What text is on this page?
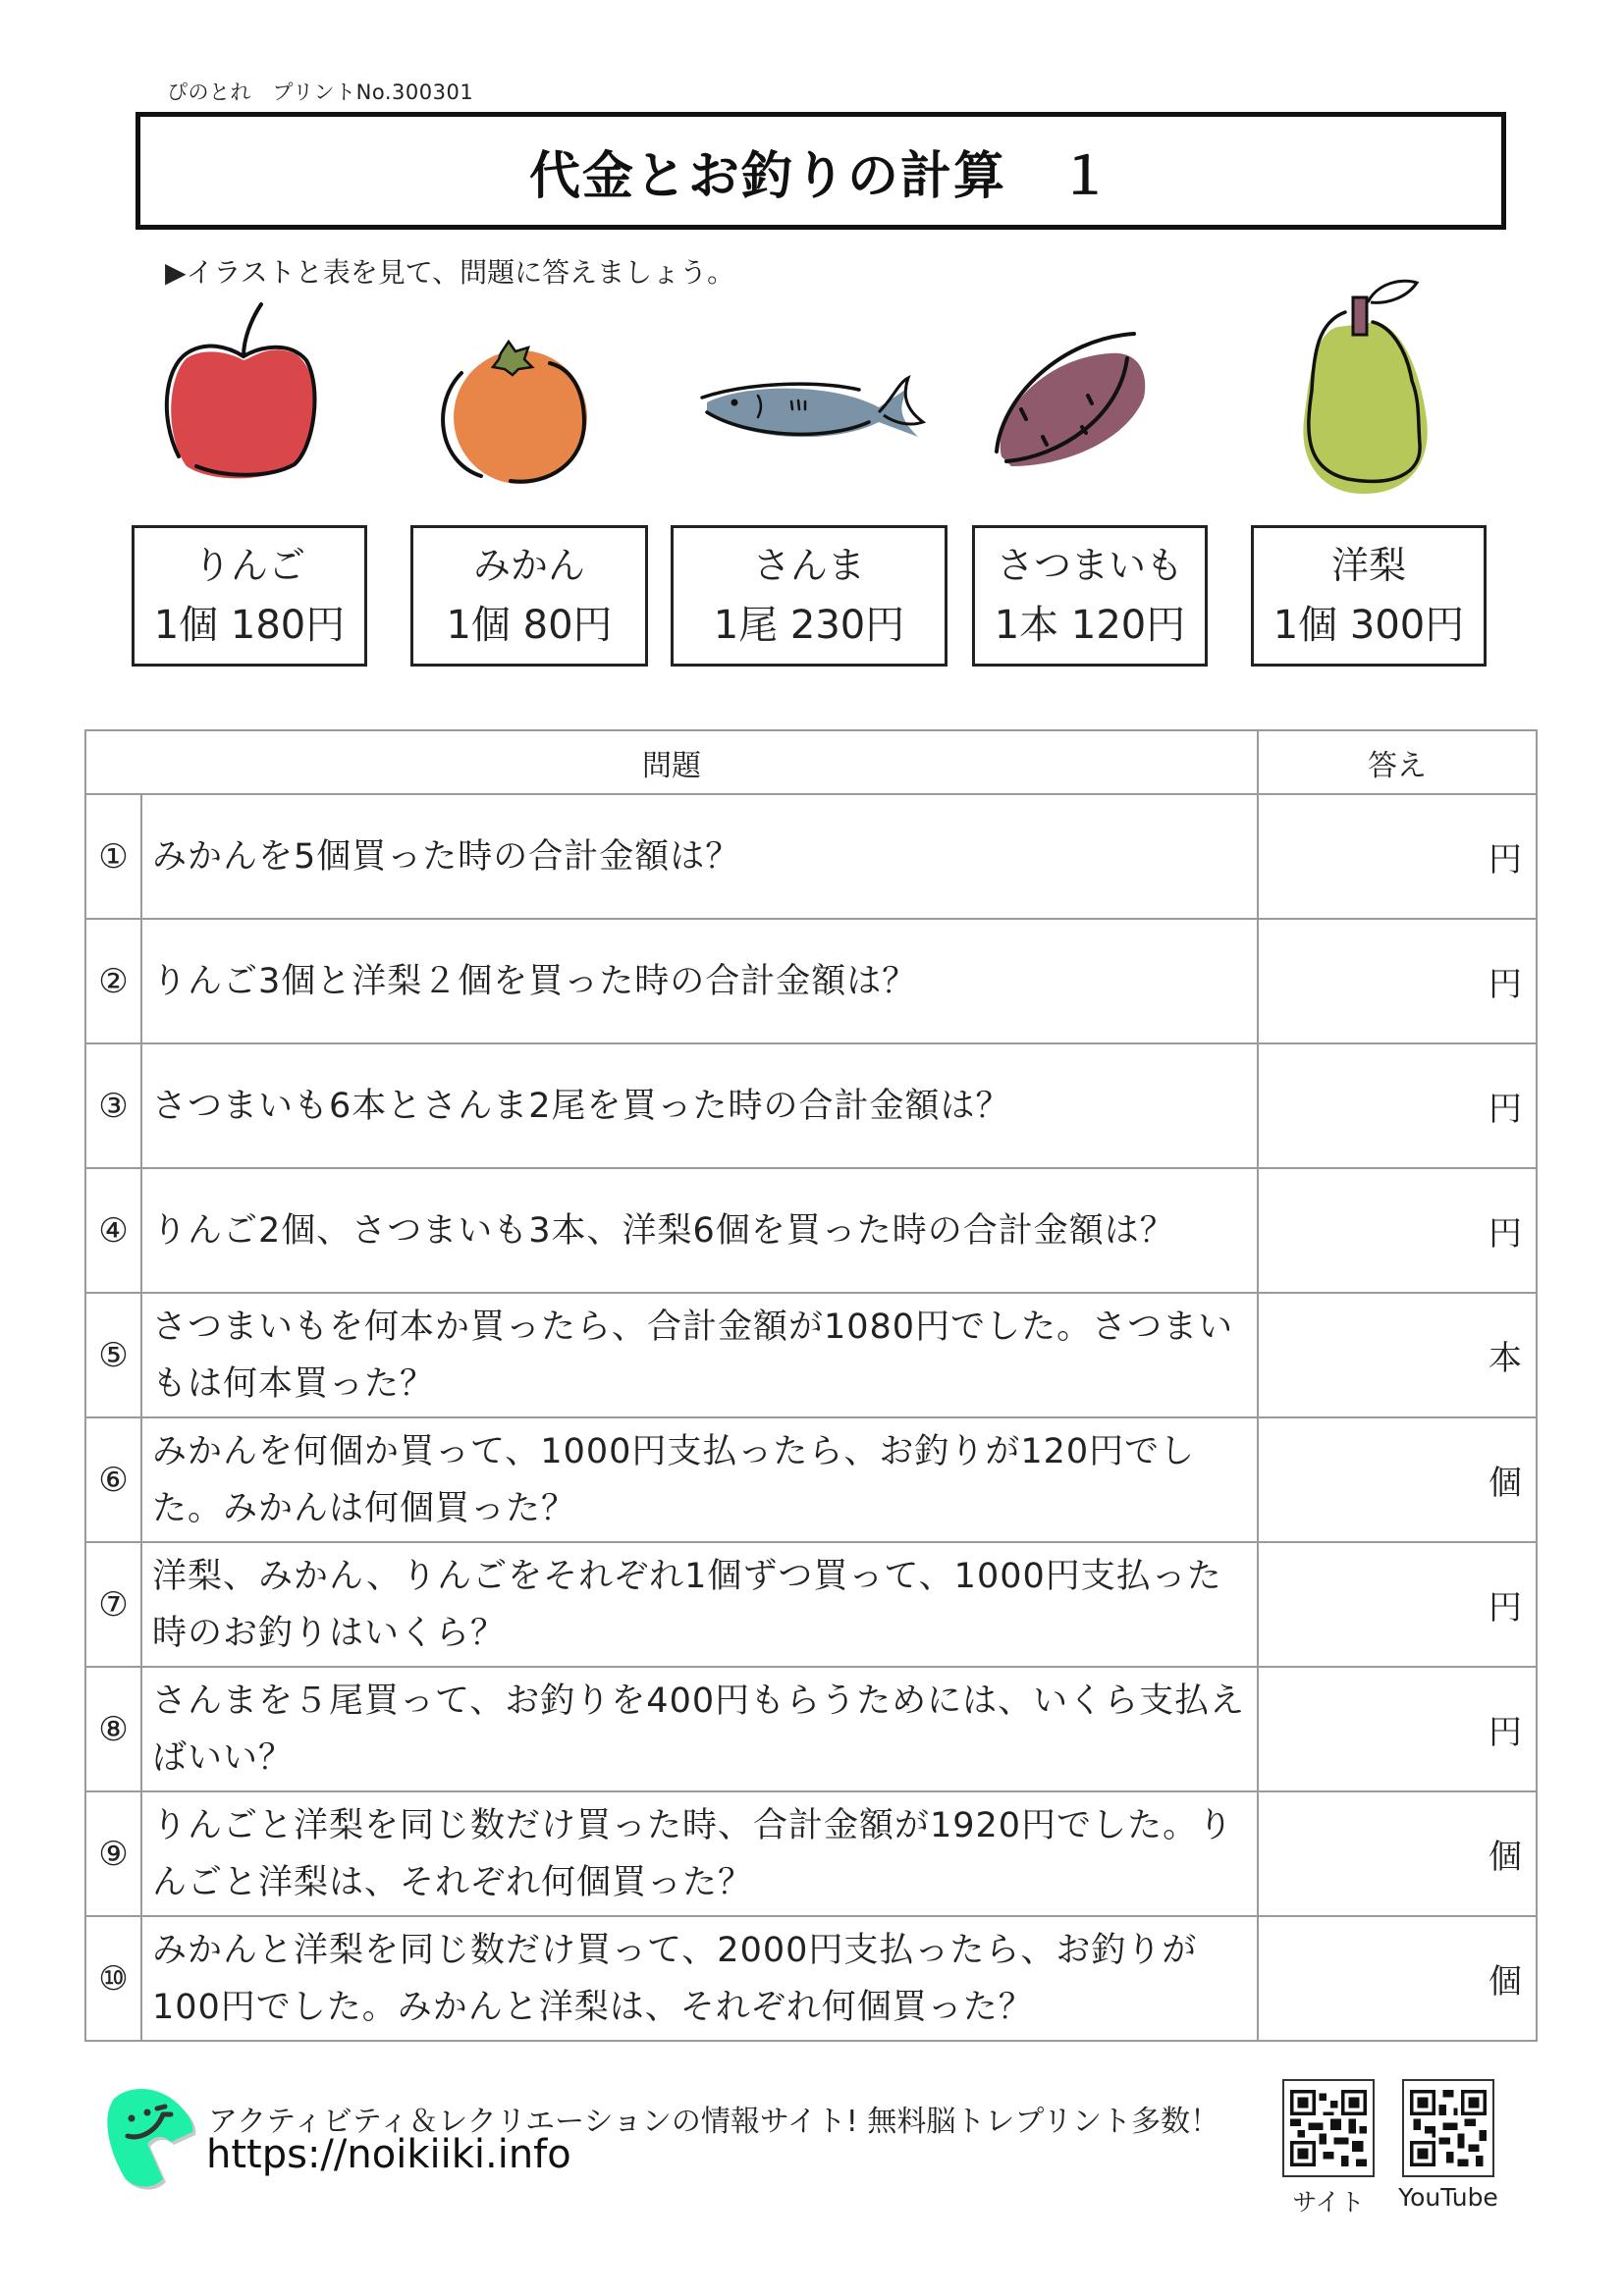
ぴのとれ　プリントNo.300301
代金とお釣りの計算　１
▶イラストと表を見て、問題に答えましょう。
りんご
1個 180円
みかん
1個 80円
さんま
1尾 230円
さつまいも
1本 120円
洋梨
1個 300円
問題		答え
①	みかんを5個買った時の合計金額は？	円
②	りんご3個と洋梨２個を買った時の合計金額は？	円
③	さつまいも6本とさんま2尾を買った時の合計金額は？	円
④	りんご2個、さつまいも3本、洋梨6個を買った時の合計金額は？	円
⑤	さつまいもを何本か買ったら、合計金額が1080円でした。さつまいもは何本買った？	本
⑥	みかんを何個か買って、1000円支払ったら、お釣りが120円でした。みかんは何個買った？	個
⑦	洋梨、みかん、りんごをそれぞれ1個ずつ買って、1000円支払った時のお釣りはいくら？	円
⑧	さんまを５尾買って、お釣りを400円もらうためには、いくら支払えばいい？	円
⑨	りんごと洋梨を同じ数だけ買った時、合計金額が1920円でした。りんごと洋梨は、それぞれ何個買った？	個
⑩	みかんと洋梨を同じ数だけ買って、2000円支払ったら、お釣りが100円でした。みかんと洋梨は、それぞれ何個買った？	個
アクティビティ＆レクリエーションの情報サイト! 無料脳トレプリント多数！
https://noikiiki.info
サイト	YouTube
